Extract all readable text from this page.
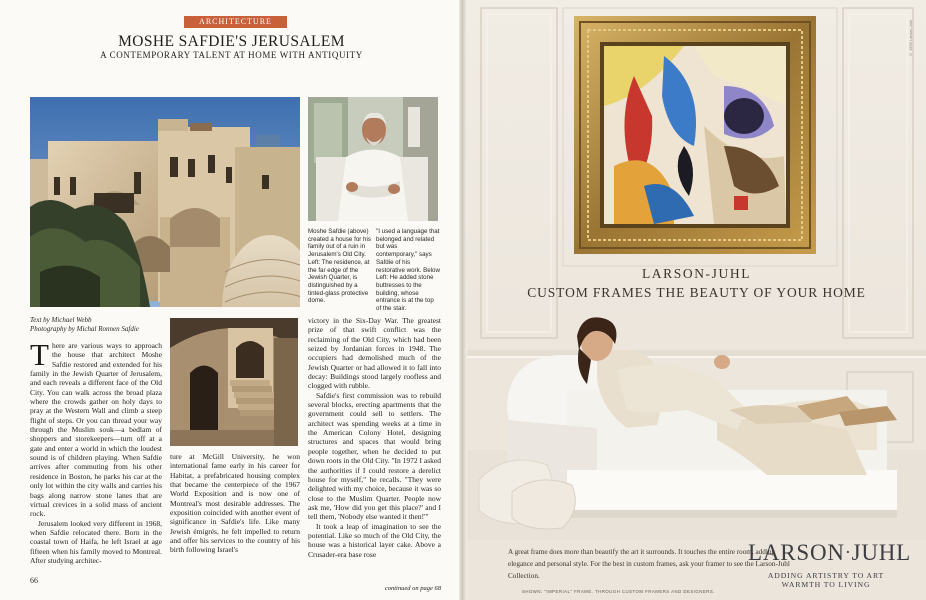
ARCHITECTURE
MOSHE SAFDIE'S JERUSALEM
A CONTEMPORARY TALENT AT HOME WITH ANTIQUITY
Moshe Safdie (above) created a house for his family out of a ruin in Jerusalem's Old City. Left: The residence, at the far edge of the Jewish Quarter, is distinguished by a tinted-glass protective dome.
"I used a language that belonged and related but was contemporary," says Safdie of his restorative work. Below Left: He added stone buttresses to the building, whose entrance is at the top of the stair.
Text by Michael Webb
Photography by Michal Ronnen Safdie

There are various ways to approach the house that architect Moshe Safdie restored and extended for his family in the Jewish Quarter of Jerusalem, and each reveals a different face of the Old City. You can walk across the broad plaza where the crowds gather on holy days to pray at the Western Wall and climb a steep flight of steps. Or you can thread your way through the Muslim souk—a bedlam of shoppers and storekeepers—turn off at a gate and enter a world in which the loudest sound is of children playing. When Safdie arrives after commuting from his other residence in Boston, he parks his car at the only lot within the city walls and carries his bags along narrow stone lanes that are virtual crevices in a solid mass of ancient rock.

Jerusalem looked very different in 1968, when Safdie relocated there. Born in the coastal town of Haifa, he left Israel at age fifteen when his family moved to Montreal. After studying architec-

ture at McGill University, he won international fame early in his career for Habitat, a prefabricated housing complex that became the centerpiece of the 1967 World Exposition and is now one of Montreal's most desirable addresses. The exposition coincided with another event of significance in Safdie's life. Like many Jewish émigrés, he felt impelled to return and offer his services to the country of his birth following Israel's

victory in the Six-Day War. The greatest prize of that swift conflict was the reclaiming of the Old City, which had been seized by Jordanian forces in 1948. The occupiers had demolished much of the Jewish Quarter or had allowed it to fall into decay: Buildings stood largely roofless and clogged with rubble.

Safdie's first commission was to rebuild several blocks, erecting apartments that the government could sell to settlers. The architect was spending weeks at a time in the American Colony Hotel, designing structures and spaces that would bring people together, when he decided to put down roots in the Old City. "In 1972 I asked the authorities if I could restore a derelict house for myself," he recalls. "They were delighted with my choice, because it was so close to the Muslim Quarter. People now ask me, 'How did you get this place?' and I tell them, 'Nobody else wanted it then!'"

It took a leap of imagination to see the potential. Like so much of the Old City, the house was a historical layer cake. Above a Crusader-era base rose

continued on page 68
66
© 1990 Larson-Juhl
LARSON-JUHL
CUSTOM FRAMES THE BEAUTY OF YOUR HOME
A great frame does more than beautify the art it surrounds. It touches the entire room, adding elegance and personal style. For the best in custom frames, ask your framer to see the Larson-Juhl Collection.
SHOWN: "IMPERIAL" FRAME. THROUGH CUSTOM FRAMERS AND DESIGNERS.
LARSON·JUHL
ADDING ARTISTRY TO ART
WARMTH TO LIVING
